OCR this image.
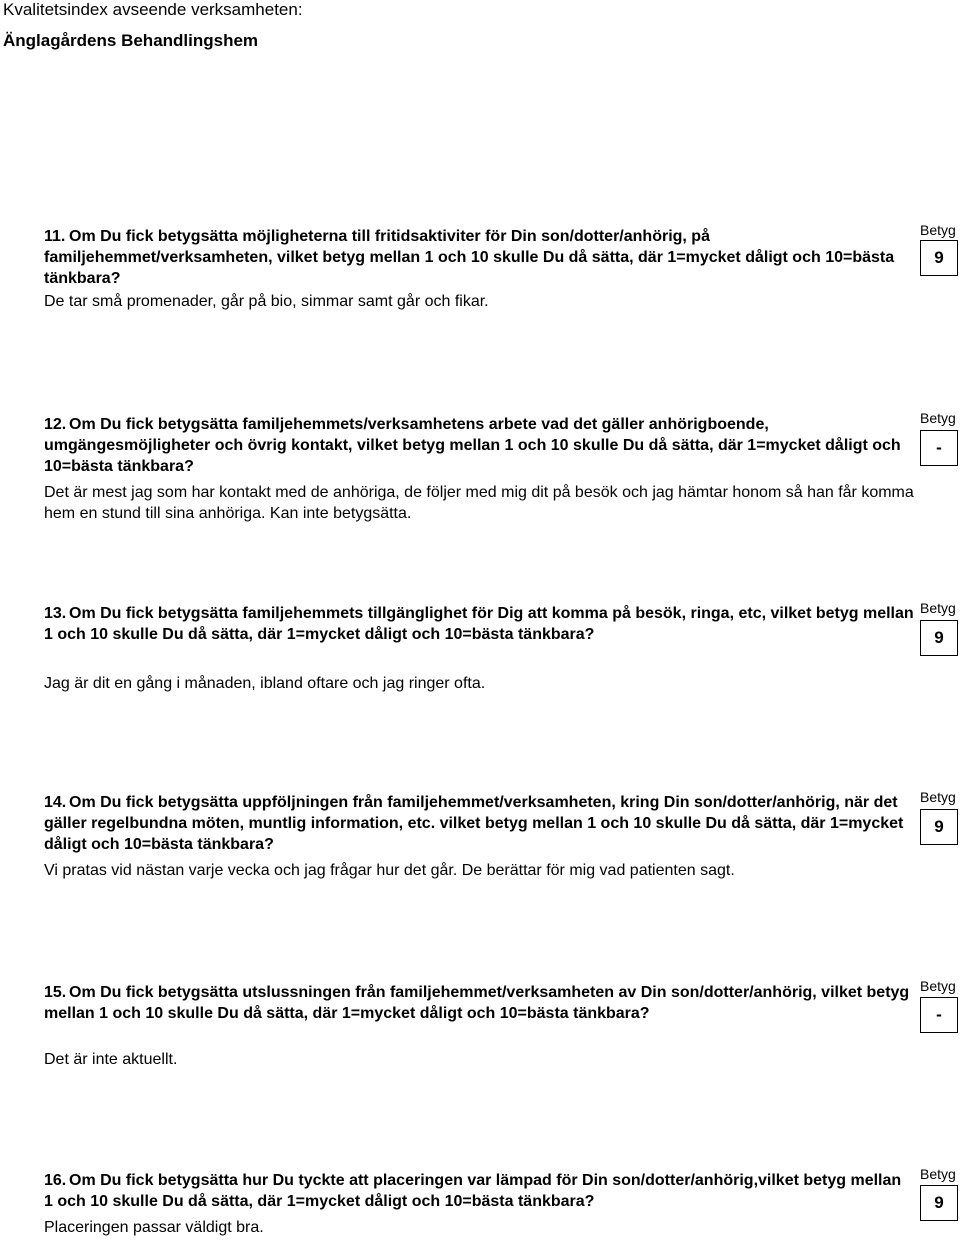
Kvalitetsindex avseende verksamheten:
Änglagårdens Behandlingshem
11. Om Du fick betygsätta möjligheterna till fritidsaktiviter för Din son/dotter/anhörig, på familjehemmet/verksamheten, vilket betyg mellan 1 och 10 skulle Du då sätta, där 1=mycket dåligt och 10=bästa tänkbara?
De tar små promenader, går på bio, simmar samt går och fikar.
Betyg
9
12. Om Du fick betygsätta familjehemmets/verksamhetens arbete vad det gäller anhörigboende, umgängesmöjligheter och övrig kontakt, vilket betyg mellan 1 och 10 skulle Du då sätta, där 1=mycket dåligt och 10=bästa tänkbara?
Det är mest jag som har kontakt med de anhöriga, de följer med mig dit på besök och jag hämtar honom så han får komma hem en stund till sina anhöriga. Kan inte betygsätta.
Betyg
-
13. Om Du fick betygsätta familjehemmets tillgänglighet för Dig att komma på besök, ringa, etc, vilket betyg mellan 1 och 10 skulle Du då sätta, där 1=mycket dåligt och 10=bästa tänkbara?
Jag är dit en gång i månaden, ibland oftare och jag ringer ofta.
Betyg
9
14. Om Du fick betygsätta uppföljningen från familjehemmet/verksamheten, kring Din son/dotter/anhörig, när det gäller regelbundna möten, muntlig information, etc. vilket betyg mellan 1 och 10 skulle Du då sätta, där 1=mycket dåligt och 10=bästa tänkbara?
Vi pratas vid nästan varje vecka och jag frågar hur det går. De berättar för mig vad patienten sagt.
Betyg
9
15. Om Du fick betygsätta utslussningen från familjehemmet/verksamheten av Din son/dotter/anhörig, vilket betyg mellan 1 och 10 skulle Du då sätta, där 1=mycket dåligt och 10=bästa tänkbara?
Det är inte aktuellt.
Betyg
-
16. Om Du fick betygsätta hur Du tyckte att placeringen var lämpad för Din son/dotter/anhörig,vilket betyg mellan 1 och 10 skulle Du då sätta, där 1=mycket dåligt och 10=bästa tänkbara?
Placeringen passar väldigt bra.
Betyg
9
